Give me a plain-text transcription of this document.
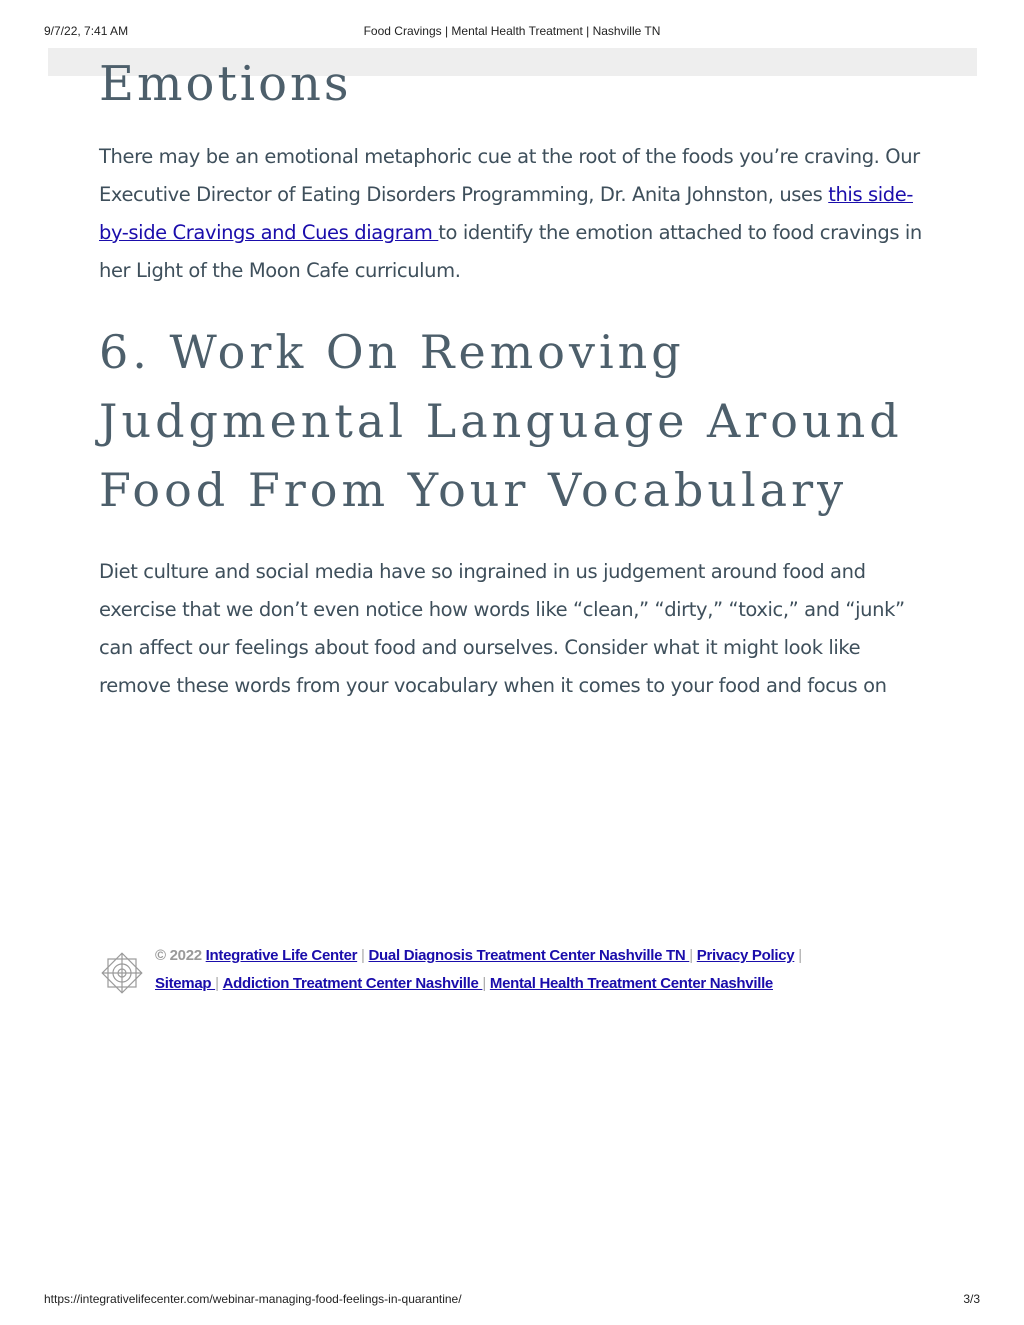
9/7/22, 7:41 AM	Food Cravings | Mental Health Treatment | Nashville TN
Emotions

There may be an emotional metaphoric cue at the root of the foods you’re craving. Our Executive Director of Eating Disorders Programming, Dr. Anita Johnston, uses this side-by-side Cravings and Cues diagram to identify the emotion attached to food cravings in her Light of the Moon Cafe curriculum.

6. Work On Removing Judgmental Language Around Food From Your Vocabulary

Diet culture and social media have so ingrained in us judgement around food and exercise that we don’t even notice how words like “clean,” “dirty,” “toxic,” and “junk” can affect our feelings about food and ourselves. Consider what it might look like remove these words from your vocabulary when it comes to your food and focus on

© 2022 Integrative Life Center | Dual Diagnosis Treatment Center Nashville TN | Privacy Policy |
Sitemap | Addiction Treatment Center Nashville | Mental Health Treatment Center Nashville
https://integrativelifecenter.com/webinar-managing-food-feelings-in-quarantine/	3/3
